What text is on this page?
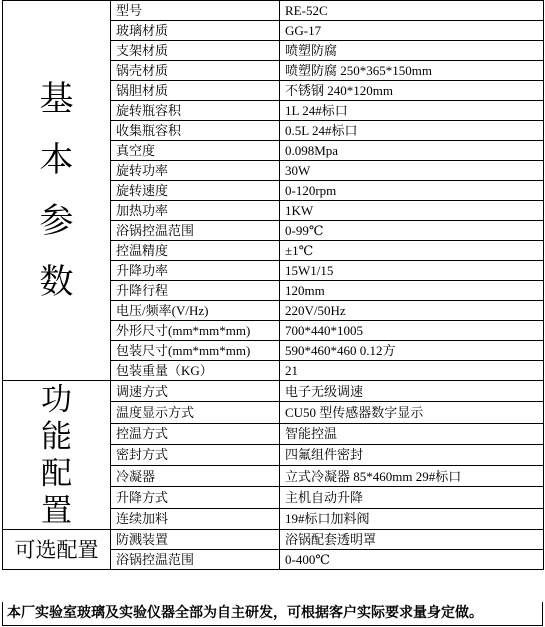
基
本
参
数	型号	RE-52C
	玻璃材质	GG-17
	支架材质	喷塑防腐
	锅壳材质	喷塑防腐 250*365*150mm
	锅胆材质	不锈钢 240*120mm
	旋转瓶容积	1L 24#标口
	收集瓶容积	0.5L 24#标口
	真空度	0.098Mpa
	旋转功率	30W
	旋转速度	0-120rpm
	加热功率	1KW
	浴锅控温范围	0-99℃
	控温精度	±1℃
	升降功率	15W1/15
	升降行程	120mm
	电压/频率(V/Hz)	220V/50Hz
	外形尺寸(mm*mm*mm)	700*440*1005
	包装尺寸(mm*mm*mm)	590*460*460 0.12方
	包装重量（KG）	21

功
能
配
置	调速方式	电子无级调速
	温度显示方式	CU50 型传感器数字显示
	控温方式	智能控温
	密封方式	四氟组件密封
	冷凝器	立式冷凝器 85*460mm 29#标口
	升降方式	主机自动升降
	连续加料	19#标口加料阀
可选配置	防溅装置	浴锅配套透明罩
	浴锅控温范围	0-400℃
本厂实验室玻璃及实验仪器全部为自主研发，可根据客户实际要求量身定做。
